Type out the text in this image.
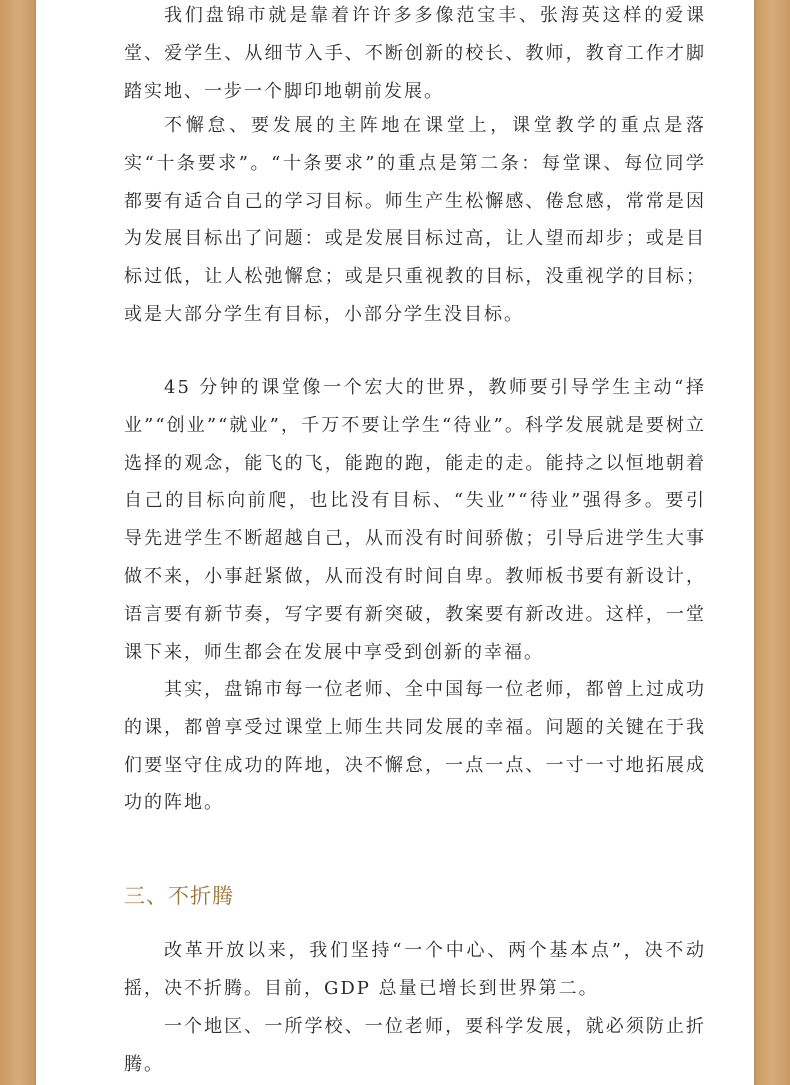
我们盘锦市就是靠着许许多多像范宝丰、张海英这样的爱课堂、爱学生、从细节入手、不断创新的校长、教师，教育工作才脚踏实地、一步一个脚印地朝前发展。

不懈怠、要发展的主阵地在课堂上，课堂教学的重点是落实“十条要求”。“十条要求”的重点是第二条：每堂课、每位同学都要有适合自己的学习目标。师生产生松懈感、倦怠感，常常是因为发展目标出了问题：或是发展目标过高，让人望而却步；或是目标过低，让人松弛懈怠；或是只重视教的目标，没重视学的目标；或是大部分学生有目标，小部分学生没目标。

45 分钟的课堂像一个宏大的世界，教师要引导学生主动“择业”“创业”“就业”，千万不要让学生“待业”。科学发展就是要树立选择的观念，能飞的飞，能跑的跑，能走的走。能持之以恒地朝着自己的目标向前爬，也比没有目标、“失业”“待业”强得多。要引导先进学生不断超越自己，从而没有时间骄傲；引导后进学生大事做不来，小事赶紧做，从而没有时间自卑。教师板书要有新设计，语言要有新节奏，写字要有新突破，教案要有新改进。这样，一堂课下来，师生都会在发展中享受到创新的幸福。

其实，盘锦市每一位老师、全中国每一位老师，都曾上过成功的课，都曾享受过课堂上师生共同发展的幸福。问题的关键在于我们要坚守住成功的阵地，决不懈怠，一点一点、一寸一寸地拓展成功的阵地。

三、不折腾

改革开放以来，我们坚持“一个中心、两个基本点”，决不动摇，决不折腾。目前，GDP 总量已增长到世界第二。

一个地区、一所学校、一位老师，要科学发展，就必须防止折腾。
